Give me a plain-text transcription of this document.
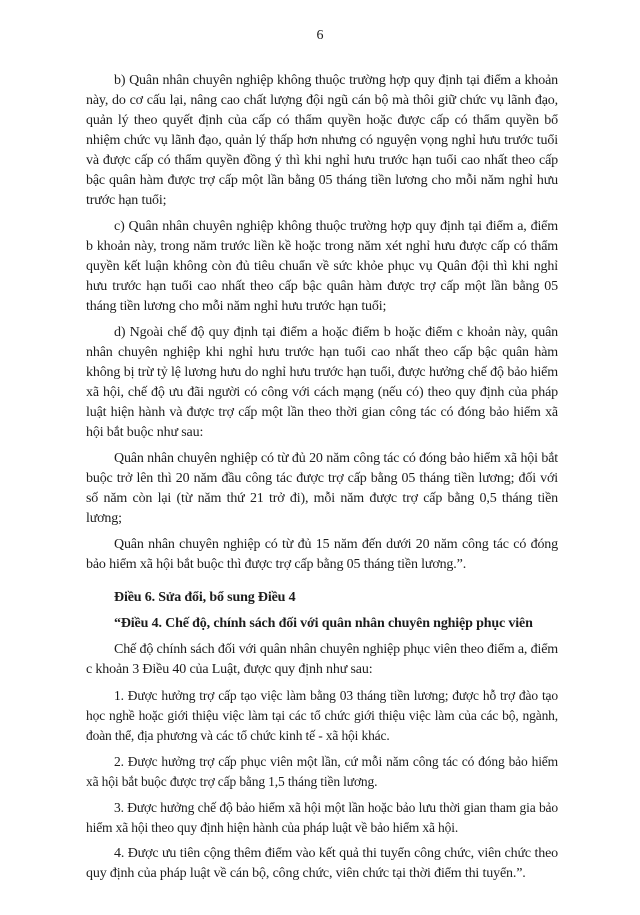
6

b) Quân nhân chuyên nghiệp không thuộc trường hợp quy định tại điểm a khoản này, do cơ cấu lại, nâng cao chất lượng đội ngũ cán bộ mà thôi giữ chức vụ lãnh đạo, quản lý theo quyết định của cấp có thẩm quyền hoặc được cấp có thẩm quyền bổ nhiệm chức vụ lãnh đạo, quản lý thấp hơn nhưng có nguyện vọng nghỉ hưu trước tuổi và được cấp có thẩm quyền đồng ý thì khi nghỉ hưu trước hạn tuổi cao nhất theo cấp bậc quân hàm được trợ cấp một lần bằng 05 tháng tiền lương cho mỗi năm nghỉ hưu trước hạn tuổi;

c) Quân nhân chuyên nghiệp không thuộc trường hợp quy định tại điểm a, điểm b khoản này, trong năm trước liền kề hoặc trong năm xét nghỉ hưu được cấp có thẩm quyền kết luận không còn đủ tiêu chuẩn về sức khỏe phục vụ Quân đội thì khi nghỉ hưu trước hạn tuổi cao nhất theo cấp bậc quân hàm được trợ cấp một lần bằng 05 tháng tiền lương cho mỗi năm nghỉ hưu trước hạn tuổi;

d) Ngoài chế độ quy định tại điểm a hoặc điểm b hoặc điểm c khoản này, quân nhân chuyên nghiệp khi nghỉ hưu trước hạn tuổi cao nhất theo cấp bậc quân hàm không bị trừ tỷ lệ lương hưu do nghỉ hưu trước hạn tuổi, được hưởng chế độ bảo hiểm xã hội, chế độ ưu đãi người có công với cách mạng (nếu có) theo quy định của pháp luật hiện hành và được trợ cấp một lần theo thời gian công tác có đóng bảo hiểm xã hội bắt buộc như sau:

Quân nhân chuyên nghiệp có từ đủ 20 năm công tác có đóng bảo hiểm xã hội bắt buộc trở lên thì 20 năm đầu công tác được trợ cấp bằng 05 tháng tiền lương; đối với số năm còn lại (từ năm thứ 21 trở đi), mỗi năm được trợ cấp bằng 0,5 tháng tiền lương;

Quân nhân chuyên nghiệp có từ đủ 15 năm đến dưới 20 năm công tác có đóng bảo hiểm xã hội bắt buộc thì được trợ cấp bằng 05 tháng tiền lương.”.

Điều 6. Sửa đổi, bổ sung Điều 4

“Điều 4. Chế độ, chính sách đối với quân nhân chuyên nghiệp phục viên

Chế độ chính sách đối với quân nhân chuyên nghiệp phục viên theo điểm a, điểm c khoản 3 Điều 40 của Luật, được quy định như sau:

1. Được hưởng trợ cấp tạo việc làm bằng 03 tháng tiền lương; được hỗ trợ đào tạo học nghề hoặc giới thiệu việc làm tại các tổ chức giới thiệu việc làm của các bộ, ngành, đoàn thể, địa phương và các tổ chức kinh tế - xã hội khác.

2. Được hưởng trợ cấp phục viên một lần, cứ mỗi năm công tác có đóng bảo hiểm xã hội bắt buộc được trợ cấp bằng 1,5 tháng tiền lương.

3. Được hưởng chế độ bảo hiểm xã hội một lần hoặc bảo lưu thời gian tham gia bảo hiểm xã hội theo quy định hiện hành của pháp luật về bảo hiểm xã hội.

4. Được ưu tiên cộng thêm điểm vào kết quả thi tuyển công chức, viên chức theo quy định của pháp luật về cán bộ, công chức, viên chức tại thời điểm thi tuyển.”.
